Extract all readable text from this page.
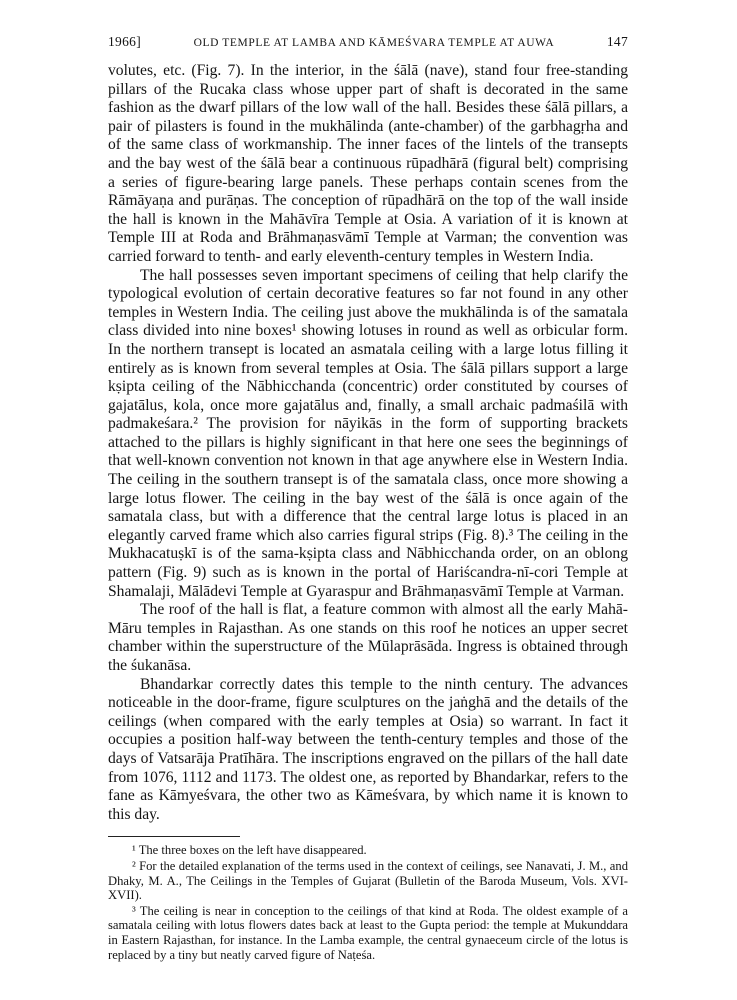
1966]	OLD TEMPLE AT LAMBA AND KĀMEŚVARA TEMPLE AT AUWA	147

volutes, etc. (Fig. 7). In the interior, in the śālā (nave), stand four free-standing pillars of the Rucaka class whose upper part of shaft is decorated in the same fashion as the dwarf pillars of the low wall of the hall. Besides these śālā pillars, a pair of pilasters is found in the mukhālinda (ante-chamber) of the garbhagṛha and of the same class of workmanship. The inner faces of the lintels of the transepts and the bay west of the śālā bear a continuous rūpadhārā (figural belt) comprising a series of figure-bearing large panels. These perhaps contain scenes from the Rāmāyaṇa and purāṇas. The conception of rūpadhārā on the top of the wall inside the hall is known in the Mahāvīra Temple at Osia. A variation of it is known at Temple III at Roda and Brāhmaṇasvāmī Temple at Varman; the convention was carried forward to tenth- and early eleventh-century temples in Western India.

The hall possesses seven important specimens of ceiling that help clarify the typological evolution of certain decorative features so far not found in any other temples in Western India. The ceiling just above the mukhālinda is of the samatala class divided into nine boxes¹ showing lotuses in round as well as orbicular form. In the northern transept is located an asmatala ceiling with a large lotus filling it entirely as is known from several temples at Osia. The śālā pillars support a large kṣipta ceiling of the Nābhicchanda (concentric) order constituted by courses of gajatālus, kola, once more gajatālus and, finally, a small archaic padmaśilā with padmakeśara.² The provision for nāyikās in the form of supporting brackets attached to the pillars is highly significant in that here one sees the beginnings of that well-known convention not known in that age anywhere else in Western India. The ceiling in the southern transept is of the samatala class, once more showing a large lotus flower. The ceiling in the bay west of the śālā is once again of the samatala class, but with a difference that the central large lotus is placed in an elegantly carved frame which also carries figural strips (Fig. 8).³ The ceiling in the Mukhacatuṣkī is of the sama-kṣipta class and Nābhicchanda order, on an oblong pattern (Fig. 9) such as is known in the portal of Hariścandra-nī-cori Temple at Shamalaji, Mālādevi Temple at Gyaraspur and Brāhmaṇasvāmī Temple at Varman.

The roof of the hall is flat, a feature common with almost all the early Mahā-Māru temples in Rajasthan. As one stands on this roof he notices an upper secret chamber within the superstructure of the Mūlaprāsāda. Ingress is obtained through the śukanāsa.

Bhandarkar correctly dates this temple to the ninth century. The advances noticeable in the door-frame, figure sculptures on the jaṅghā and the details of the ceilings (when compared with the early temples at Osia) so warrant. In fact it occupies a position half-way between the tenth-century temples and those of the days of Vatsarāja Pratīhāra. The inscriptions engraved on the pillars of the hall date from 1076, 1112 and 1173. The oldest one, as reported by Bhandarkar, refers to the fane as Kāmyeśvara, the other two as Kāmeśvara, by which name it is known to this day.

¹ The three boxes on the left have disappeared.

² For the detailed explanation of the terms used in the context of ceilings, see Nanavati, J. M., and Dhaky, M. A., The Ceilings in the Temples of Gujarat (Bulletin of the Baroda Museum, Vols. XVI-XVII).

³ The ceiling is near in conception to the ceilings of that kind at Roda. The oldest example of a samatala ceiling with lotus flowers dates back at least to the Gupta period: the temple at Mukunddara in Eastern Rajasthan, for instance. In the Lamba example, the central gynaeceum circle of the lotus is replaced by a tiny but neatly carved figure of Naṭeśa.
